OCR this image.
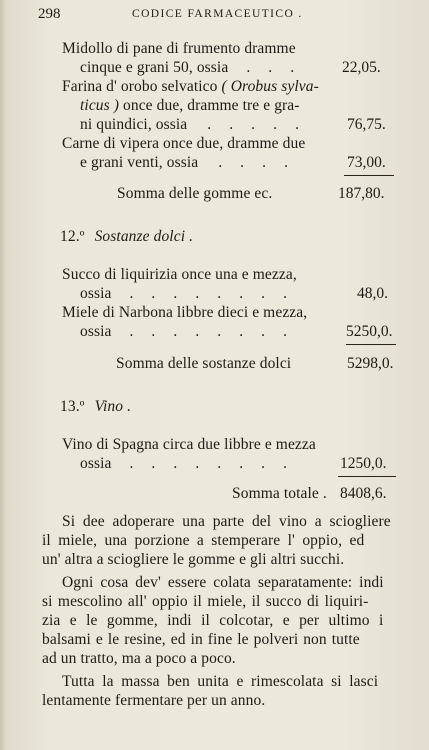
298	CODICE FARMACEUTICO .
Midollo di pane di frumento dramme
cinque e grani 50, ossia . . .	22,05.
Farina d' orobo selvatico ( Orobus sylva-
ticus ) once due, dramme tre e gra-
ni quindici, ossia . . . . .	76,75.
Carne di vipera once due, dramme due
e grani venti, ossia . . . .	73,00.
Somma delle gomme ec.	187,80.
12.º Sostanze dolci .
Succo di liquirizia once una e mezza,
ossia . . . . . . . .	48,0.
Miele di Narbona libbre dieci e mezza,
ossia . . . . . . . .	5250,0.
Somma delle sostanze dolci	5298,0.
13.º Vino .
Vino di Spagna circa due libbre e mezza
ossia . . . . . . . .	1250,0.
Somma totale . 8408,6.
Si dee adoperare una parte del vino a sciogliere
il miele, una porzione a stemperare l' oppio, ed
un' altra a sciogliere le gomme e gli altri succhi.
Ogni cosa dev' essere colata separatamente: indi
si mescolino all' oppio il miele, il succo di liquiri-
zia e le gomme, indi il colcotar, e per ultimo i
balsami e le resine, ed in fine le polveri non tutte
ad un tratto, ma a poco a poco.
Tutta la massa ben unita e rimescolata si lasci
lentamente fermentare per un anno.
